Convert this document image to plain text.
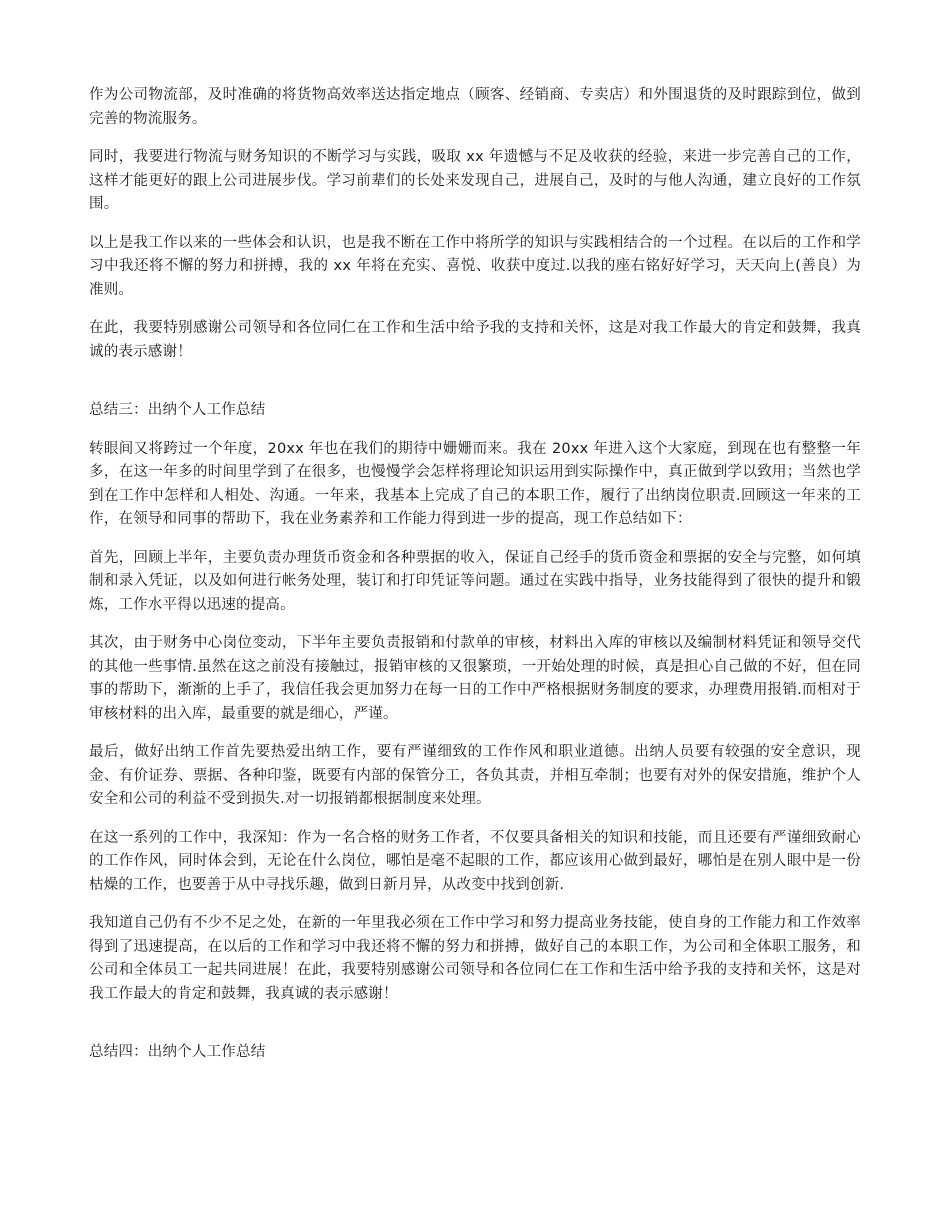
作为公司物流部，及时准确的将货物高效率送达指定地点（顾客、经销商、专卖店）和外围退货的及时跟踪到位，做到完善的物流服务。

同时，我要进行物流与财务知识的不断学习与实践，吸取 xx 年遗憾与不足及收获的经验，来进一步完善自己的工作，这样才能更好的跟上公司进展步伐。学习前辈们的长处来发现自己，进展自己，及时的与他人沟通，建立良好的工作氛围。

以上是我工作以来的一些体会和认识，也是我不断在工作中将所学的知识与实践相结合的一个过程。在以后的工作和学习中我还将不懈的努力和拼搏，我的 xx 年将在充实、喜悦、收获中度过.以我的座右铭好好学习，天天向上(善良）为准则。

在此，我要特别感谢公司领导和各位同仁在工作和生活中给予我的支持和关怀，这是对我工作最大的肯定和鼓舞，我真诚的表示感谢！

总结三：出纳个人工作总结

转眼间又将跨过一个年度，20xx 年也在我们的期待中姗姗而来。我在 20xx 年进入这个大家庭，到现在也有整整一年多，在这一年多的时间里学到了在很多，也慢慢学会怎样将理论知识运用到实际操作中，真正做到学以致用；当然也学到在工作中怎样和人相处、沟通。一年来，我基本上完成了自己的本职工作，履行了出纳岗位职责.回顾这一年来的工作，在领导和同事的帮助下，我在业务素养和工作能力得到进一步的提高，现工作总结如下：

首先，回顾上半年，主要负责办理货币资金和各种票据的收入，保证自己经手的货币资金和票据的安全与完整，如何填制和录入凭证，以及如何进行帐务处理，装订和打印凭证等问题。通过在实践中指导，业务技能得到了很快的提升和锻炼，工作水平得以迅速的提高。

其次，由于财务中心岗位变动，下半年主要负责报销和付款单的审核，材料出入库的审核以及编制材料凭证和领导交代的其他一些事情.虽然在这之前没有接触过，报销审核的又很繁琐，一开始处理的时候，真是担心自己做的不好，但在同事的帮助下，渐渐的上手了，我信任我会更加努力在每一日的工作中严格根据财务制度的要求，办理费用报销.而相对于审核材料的出入库，最重要的就是细心，严谨。

最后，做好出纳工作首先要热爱出纳工作，要有严谨细致的工作作风和职业道德。出纳人员要有较强的安全意识，现金、有价证券、票据、各种印鉴，既要有内部的保管分工，各负其责，并相互牵制；也要有对外的保安措施，维护个人安全和公司的利益不受到损失.对一切报销都根据制度来处理。

在这一系列的工作中，我深知：作为一名合格的财务工作者，不仅要具备相关的知识和技能，而且还要有严谨细致耐心的工作作风，同时体会到，无论在什么岗位，哪怕是毫不起眼的工作，都应该用心做到最好，哪怕是在别人眼中是一份枯燥的工作，也要善于从中寻找乐趣，做到日新月异，从改变中找到创新.

我知道自己仍有不少不足之处，在新的一年里我必须在工作中学习和努力提高业务技能，使自身的工作能力和工作效率得到了迅速提高，在以后的工作和学习中我还将不懈的努力和拼搏，做好自己的本职工作，为公司和全体职工服务，和公司和全体员工一起共同进展！在此，我要特别感谢公司领导和各位同仁在工作和生活中给予我的支持和关怀，这是对我工作最大的肯定和鼓舞，我真诚的表示感谢！

总结四：出纳个人工作总结
